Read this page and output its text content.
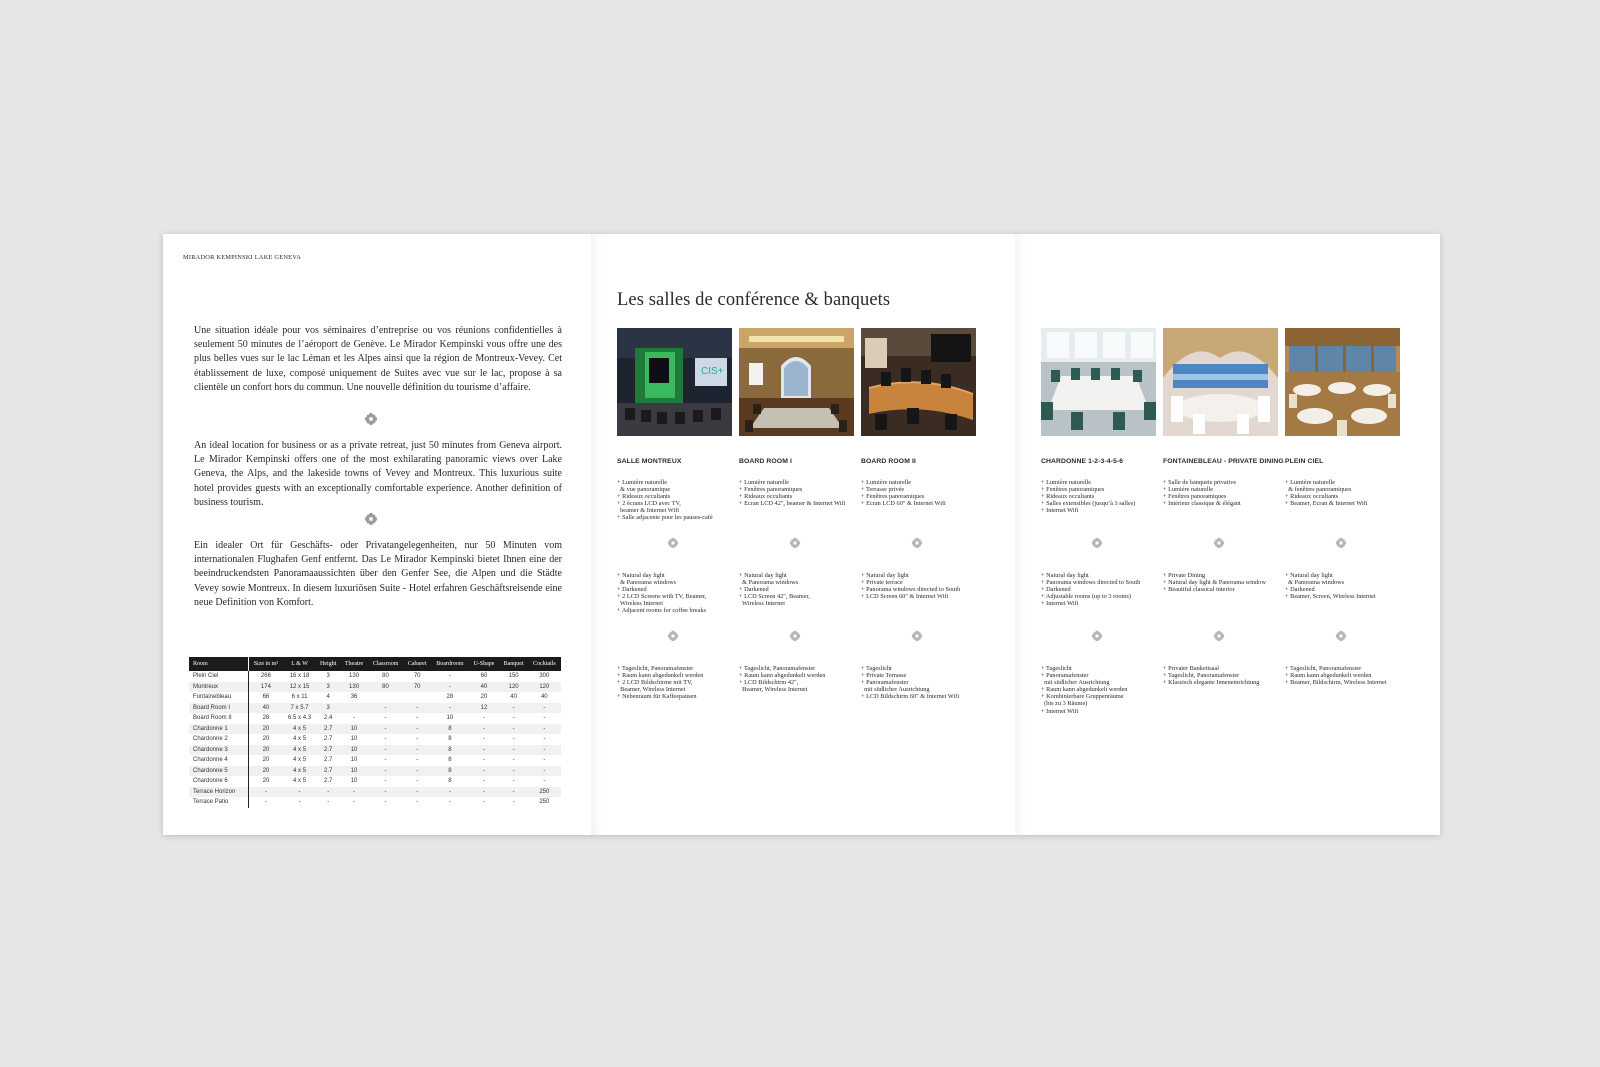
MIRADOR KEMPINSKI LAKE GENEVA

Une situation idéale pour vos séminaires d’entreprise ou vos réunions confidentielles à seulement 50 minutes de l’aéroport de Genève. Le Mirador Kempinski vous offre une des plus belles vues sur le lac Léman et les Alpes ainsi que la région de Montreux-Vevey. Cet établissement de luxe, composé uniquement de Suites avec vue sur le lac, propose à sa clientèle un confort hors du commun. Une nouvelle définition du tourisme d’affaire.

An ideal location for business or as a private retreat, just 50 minutes from Geneva airport. Le Mirador Kempinski offers one of the most exhilarating panoramic views over Lake Geneva, the Alps, and the lakeside towns of Vevey and Montreux. This luxurious suite hotel provides guests with an exceptionally comfortable experience. Another definition of business tourism.

Ein idealer Ort für Geschäfts- oder Privatangelegenheiten, nur 50 Minuten vom internationalen Flughafen Genf entfernt. Das Le Mirador Kempinski bietet Ihnen eine der beeindruckendsten Panoramaaussichten über den Genfer See, die Alpen und die Städte Vevey sowie Montreux. In diesem luxuriösen Suite - Hotel erfahren Geschäftsreisende eine neue Definition von Komfort.

Room	Size in m²	L & W	Height	Theatre	Classroom	Cabaret	Boardroom	U-Shape	Banquet	Cocktails
Plein Ciel	266	16 x 18	3	130	80	70	-	60	150	300
Montreux	174	12 x 15	3	130	80	70	-	40	120	120
Fontainebleau	66	6 x 11	4	36			28	20	40	40
Board Room I	40	7 x 5.7	3		-	-	-	12	-	-
Board Room II	28	6.5 x 4.3	2.4	-	-	-	10	-	-	-
Chardonne 1	20	4 x 5	2.7	10	-	-	8	-	-	-
Chardonne 2	20	4 x 5	2.7	10	-	-	8	-	-	-
Chardonne 3	20	4 x 5	2.7	10	-	-	8	-	-	-
Chardonne 4	20	4 x 5	2.7	10	-	-	8	-	-	-
Chardonne 5	20	4 x 5	2.7	10	-	-	8	-	-	-
Chardonne 6	20	4 x 5	2.7	10	-	-	8	-	-	-
Terrace Horizon	-	-	-	-	-	-	-	-	-	250
Terrace Patio	-	-	-	-	-	-	-	-	-	250
Les salles de conférence & banquets
CIS+
SALLE MONTREUX
+ Lumière naturelle
& vue panoramique
+ Rideaux occultants
+ 2 écrans LCD avec TV,
beamer & Internet Wifi
+ Salle adjacente pour les pauses-café
+ Natural day light
& Panorama windows
+ Darkened
+ 2 LCD Screens with TV, Beamer,
Wireless Internet
+ Adjacent rooms for coffee breaks
+ Tageslicht, Panoramafenster
+ Raum kann abgedunkelt werden
+ 2 LCD Bildschirme mit TV,
Beamer, Wireless Internet
+ Nebenraum für Kaffeepausen
BOARD ROOM I
+ Lumière naturelle
+ Fenêtres panoramiques
+ Rideaux occultants
+ Ecran LCD 42", beamer & Internet Wifi
+ Natural day light
& Panorama windows
+ Darkened
+ LCD Screen 42", Beamer,
Wireless Internet
+ Tageslicht, Panoramafenster
+ Raum kann abgedunkelt werden
+ LCD Bildschirm 42",
Beamer, Wireless Internet
BOARD ROOM II
+ Lumière naturelle
+ Terrasse privée
+ Fenêtres panoramiques
+ Ecran LCD 60" & Internet Wifi
+ Natural day light
+ Private terrace
+ Panorama windows directed to South
+ LCD Screen 60" & Internet Wifi
+ Tageslicht
+ Private Terrasse
+ Panoramafenster
mit südlicher Ausrichtung
+ LCD Bildschirm 60" & Internet Wifi
CHARDONNE 1-2-3-4-5-6
+ Lumière naturelle
+ Fenêtres panoramiques
+ Rideaux occultants
+ Salles extensibles (jusqu’à 3 salles)
+ Internet Wifi
+ Natural day light
+ Panorama windows directed to South
+ Darkened
+ Adjustable rooms (up to 3 rooms)
+ Internet Wifi
+ Tageslicht
+ Panoramafenster
mit südlicher Ausrichtung
+ Raum kann abgedunkelt werden
+ Kombinierbare Gruppenräume
(bis zu 3 Räume)
+ Internet Wifi
FONTAINEBLEAU - PRIVATE DINING
+ Salle de banquets privative
+ Lumière naturelle
+ Fenêtres panoramiques
+ Intérieur classique & élégant
+ Private Dining
+ Natural day light & Panorama window
+ Beautiful classical interior
+ Privater Bankettsaal
+ Tageslicht, Panoramafenster
+ Klassisch elegante Inneneinrichtung
PLEIN CIEL
+ Lumière naturelle
& fenêtres panoramiques
+ Rideaux occultants
+ Beamer, Ecran & Internet Wifi
+ Natural day light
& Panorama windows
+ Darkened
+ Beamer, Screen, Wireless Internet
+ Tageslicht, Panoramafenster
+ Raum kann abgedunkelt werden
+ Beamer, Bildschirm, Wireless Internet
